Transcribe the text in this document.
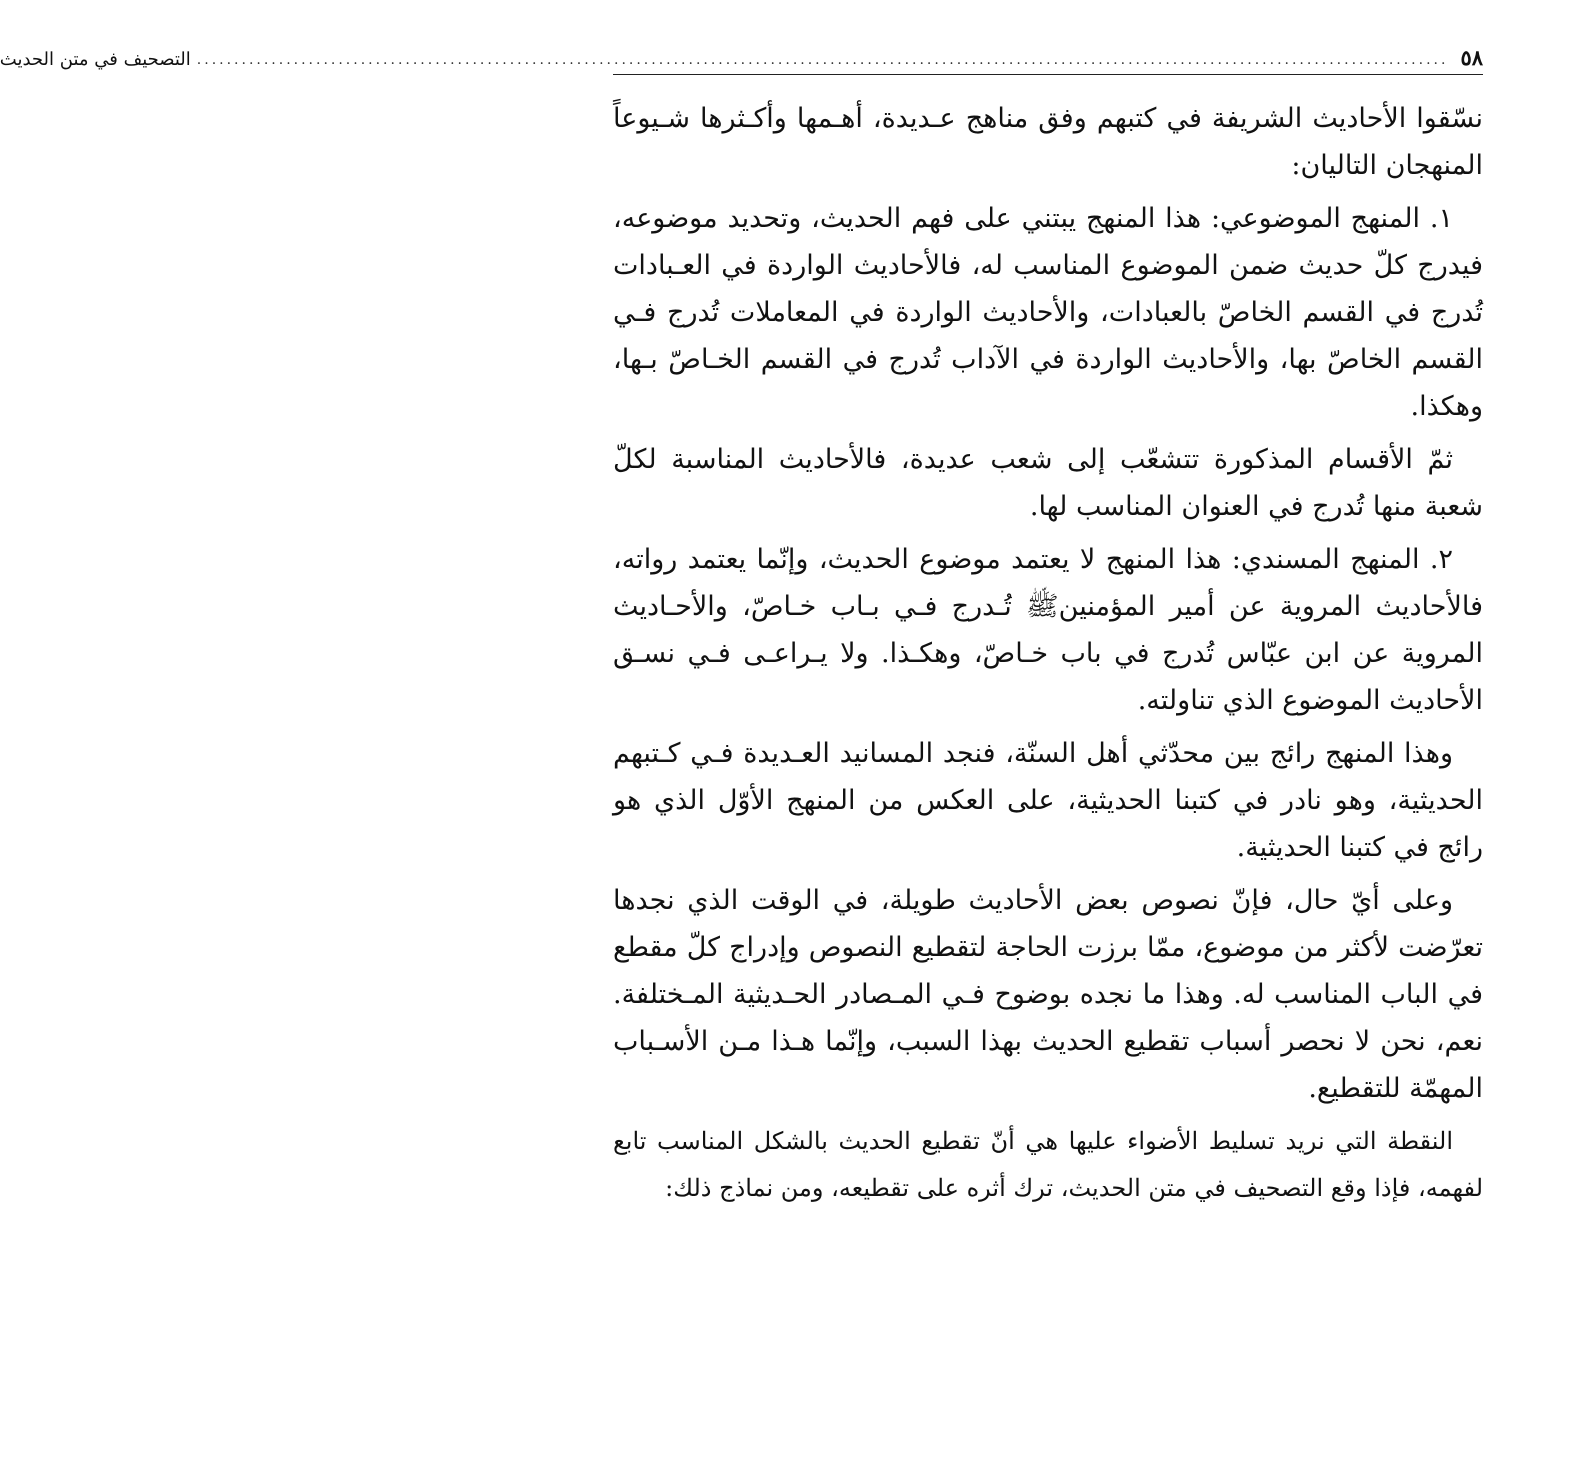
٥٨
........................................................................................................................................................................
التصحيف في متن الحديث

نسّقوا الأحاديث الشريفة في كتبهم وفق مناهج عـديدة، أهـمها وأكـثرها شـيوعاً المنهجان التاليان:

١. المنهج الموضوعي: هذا المنهج يبتني على فهم الحديث، وتحديد موضوعه، فيدرج كلّ حديث ضمن الموضوع المناسب له، فالأحاديث الواردة في العـبادات تُدرج في القسم الخاصّ بالعبادات، والأحاديث الواردة في المعاملات تُدرج فـي القسم الخاصّ بها، والأحاديث الواردة في الآداب تُدرج في القسم الخـاصّ بـها، وهكذا.

ثمّ الأقسام المذكورة تتشعّب إلى شعب عديدة، فالأحاديث المناسبة لكلّ شعبة منها تُدرج في العنوان المناسب لها.

٢. المنهج المسندي: هذا المنهج لا يعتمد موضوع الحديث، وإنّما يعتمد رواته، فالأحاديث المروية عن أمير المؤمنينﷺ تُـدرج فـي بـاب خـاصّ، والأحـاديث المروية عن ابن عبّاس تُدرج في باب خـاصّ، وهكـذا. ولا يـراعـى فـي نسـق الأحاديث الموضوع الذي تناولته.

وهذا المنهج رائج بين محدّثي أهل السنّة، فنجد المسانيد العـديدة فـي كـتبهم الحديثية، وهو نادر في كتبنا الحديثية، على العكس من المنهج الأوّل الذي هو رائج في كتبنا الحديثية.

وعلى أيّ حال، فإنّ نصوص بعض الأحاديث طويلة، في الوقت الذي نجدها تعرّضت لأكثر من موضوع، ممّا برزت الحاجة لتقطيع النصوص وإدراج كلّ مقطع في الباب المناسب له. وهذا ما نجده بوضوح فـي المـصادر الحـديثية المـختلفة. نعم، نحن لا نحصر أسباب تقطيع الحديث بهذا السبب، وإنّما هـذا مـن الأسـباب المهمّة للتقطيع.

النقطة التي نريد تسليط الأضواء عليها هي أنّ تقطيع الحديث بالشكل المناسب تابع لفهمه، فإذا وقع التصحيف في متن الحديث، ترك أثره على تقطيعه، ومن نماذج ذلك:
